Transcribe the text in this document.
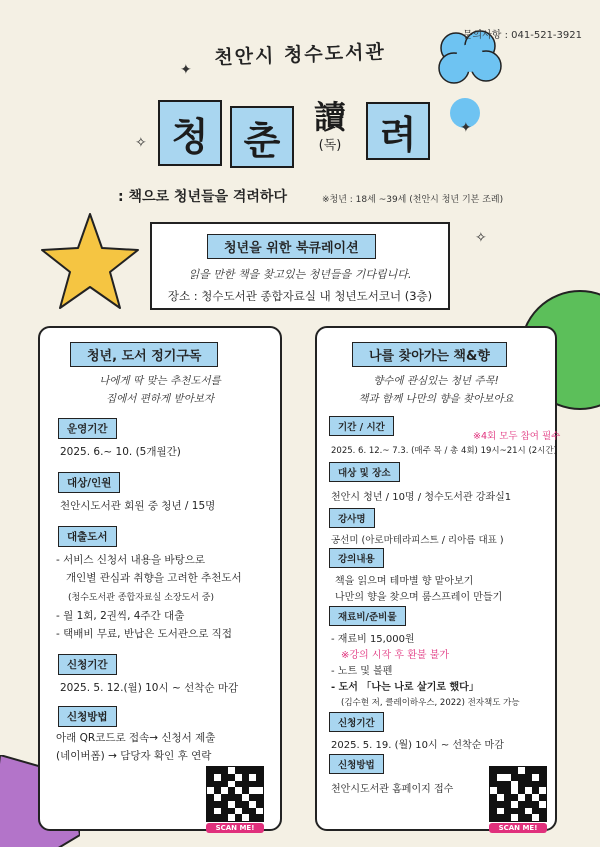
✦
✦
✧
✧
문의사항 : 041-521-3921
천안시 청수도서관
청 춘
讀
(독)	려
: 책으로 청년들을 격려하다	※청년 : 18세 ~39세 (천안시 청년 기본 조례)
청년을 위한 북큐레이션
읽을 만한 책을 찾고있는 청년들을 기다립니다.
장소 : 청수도서관 종합자료실 내 청년도서코너 (3층)
청년, 도서 정기구독
나에게 딱 맞는 추천도서를
집에서 편하게 받아보자
운영기간
2025. 6.~ 10. (5개월간)
대상/인원
천안시도서관 회원 중 청년 / 15명
대출도서
- 서비스 신청서 내용을 바탕으로
개인별 관심과 취향을 고려한 추천도서
(청수도서관 종합자료실 소장도서 중)
- 월 1회, 2권씩, 4주간 대출
- 택배비 무료, 반납은 도서관으로 직접
신청기간
2025. 5. 12.(월) 10시 ~ 선착순 마감
신청방법
아래 QR코드로 접속→ 신청서 제출
(네이버폼) → 담당자 확인 후 연락
SCAN ME!
나를 찾아가는 책&향
향수에 관심있는 청년 주목!
책과 함께 나만의 향을 찾아보아요
기간 / 시간
※4회 모두 참여 필수
2025. 6. 12.~ 7.3. (매주 목 / 총 4회) 19시~21시 (2시간)
대상 및 장소
천안시 청년 / 10명 / 청수도서관 강좌실1
강사명
공선미 (아로마테라피스트 / 리아름 대표 )
강의내용
책을 읽으며 테마별 향 맡아보기
나만의 향을 찾으며 룸스프레이 만들기
재료비/준비물
- 재료비 15,000원
※강의 시작 후 환불 불가
- 노트 및 볼펜
- 도서 「나는 나로 살기로 했다」
(김수현 저, 클레이하우스, 2022) 전자책도 가능
신청기간
2025. 5. 19. (월) 10시 ~ 선착순 마감
신청방법
천안시도서관 홈페이지 접수
SCAN ME!
